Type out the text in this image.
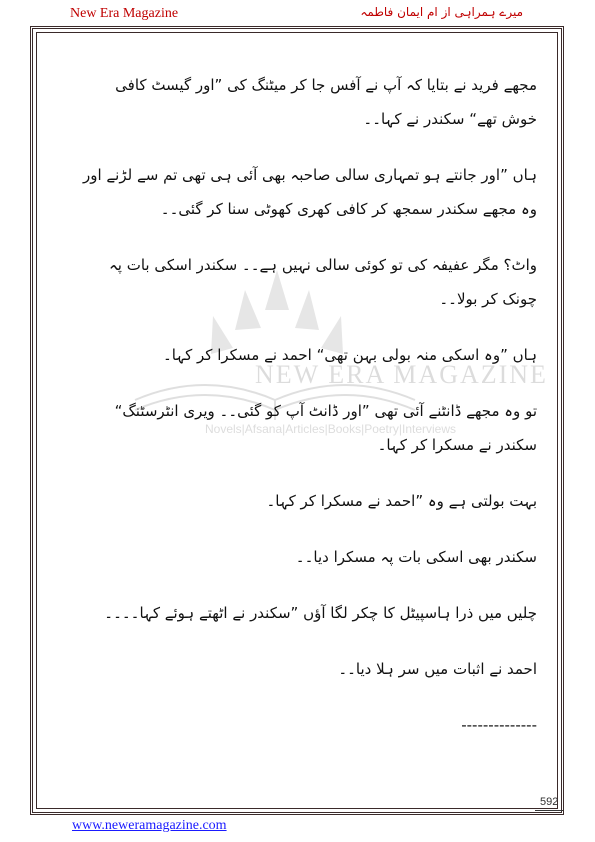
New Era Magazine	میرے ہمراہی از ام ایمان فاطمہ
NEW ERA MAGAZINE
Novels|Afsana|Articles|Books|Poetry|Interviews

مجھے فرید نے بتایا کہ آپ نے آفس جا کر میٹنگ کی ”اور گیسٹ کافی خوش تھے“ سکندر نے کہا۔۔

ہاں ”اور جانتے ہو تمہاری سالی صاحبہ بھی آئی ہی تھی تم سے لڑنے اور وہ مجھے سکندر سمجھ کر کافی کھری کھوٹی سنا کر گئی۔۔

واٹ؟ مگر عفیفہ کی تو کوئی سالی نہیں ہے۔۔ سکندر اسکی بات پہ چونک کر بولا۔۔

ہاں ”وہ اسکی منہ بولی بہن تھی“ احمد نے مسکرا کر کہا۔

تو وہ مجھے ڈانٹنے آئی تھی ”اور ڈانٹ آپ کو گئی۔۔ ویری انٹرسٹنگ“ سکندر نے مسکرا کر کہا۔

بہت بولتی ہے وہ ”احمد نے مسکرا کر کہا۔

سکندر بھی اسکی بات پہ مسکرا دیا۔۔

چلیں میں ذرا ہاسپیٹل کا چکر لگا آؤں ”سکندر نے اٹھتے ہوئے کہا۔۔۔۔

احمد نے اثبات میں سر ہلا دیا۔۔

--------------

592
www.neweramagazine.com
